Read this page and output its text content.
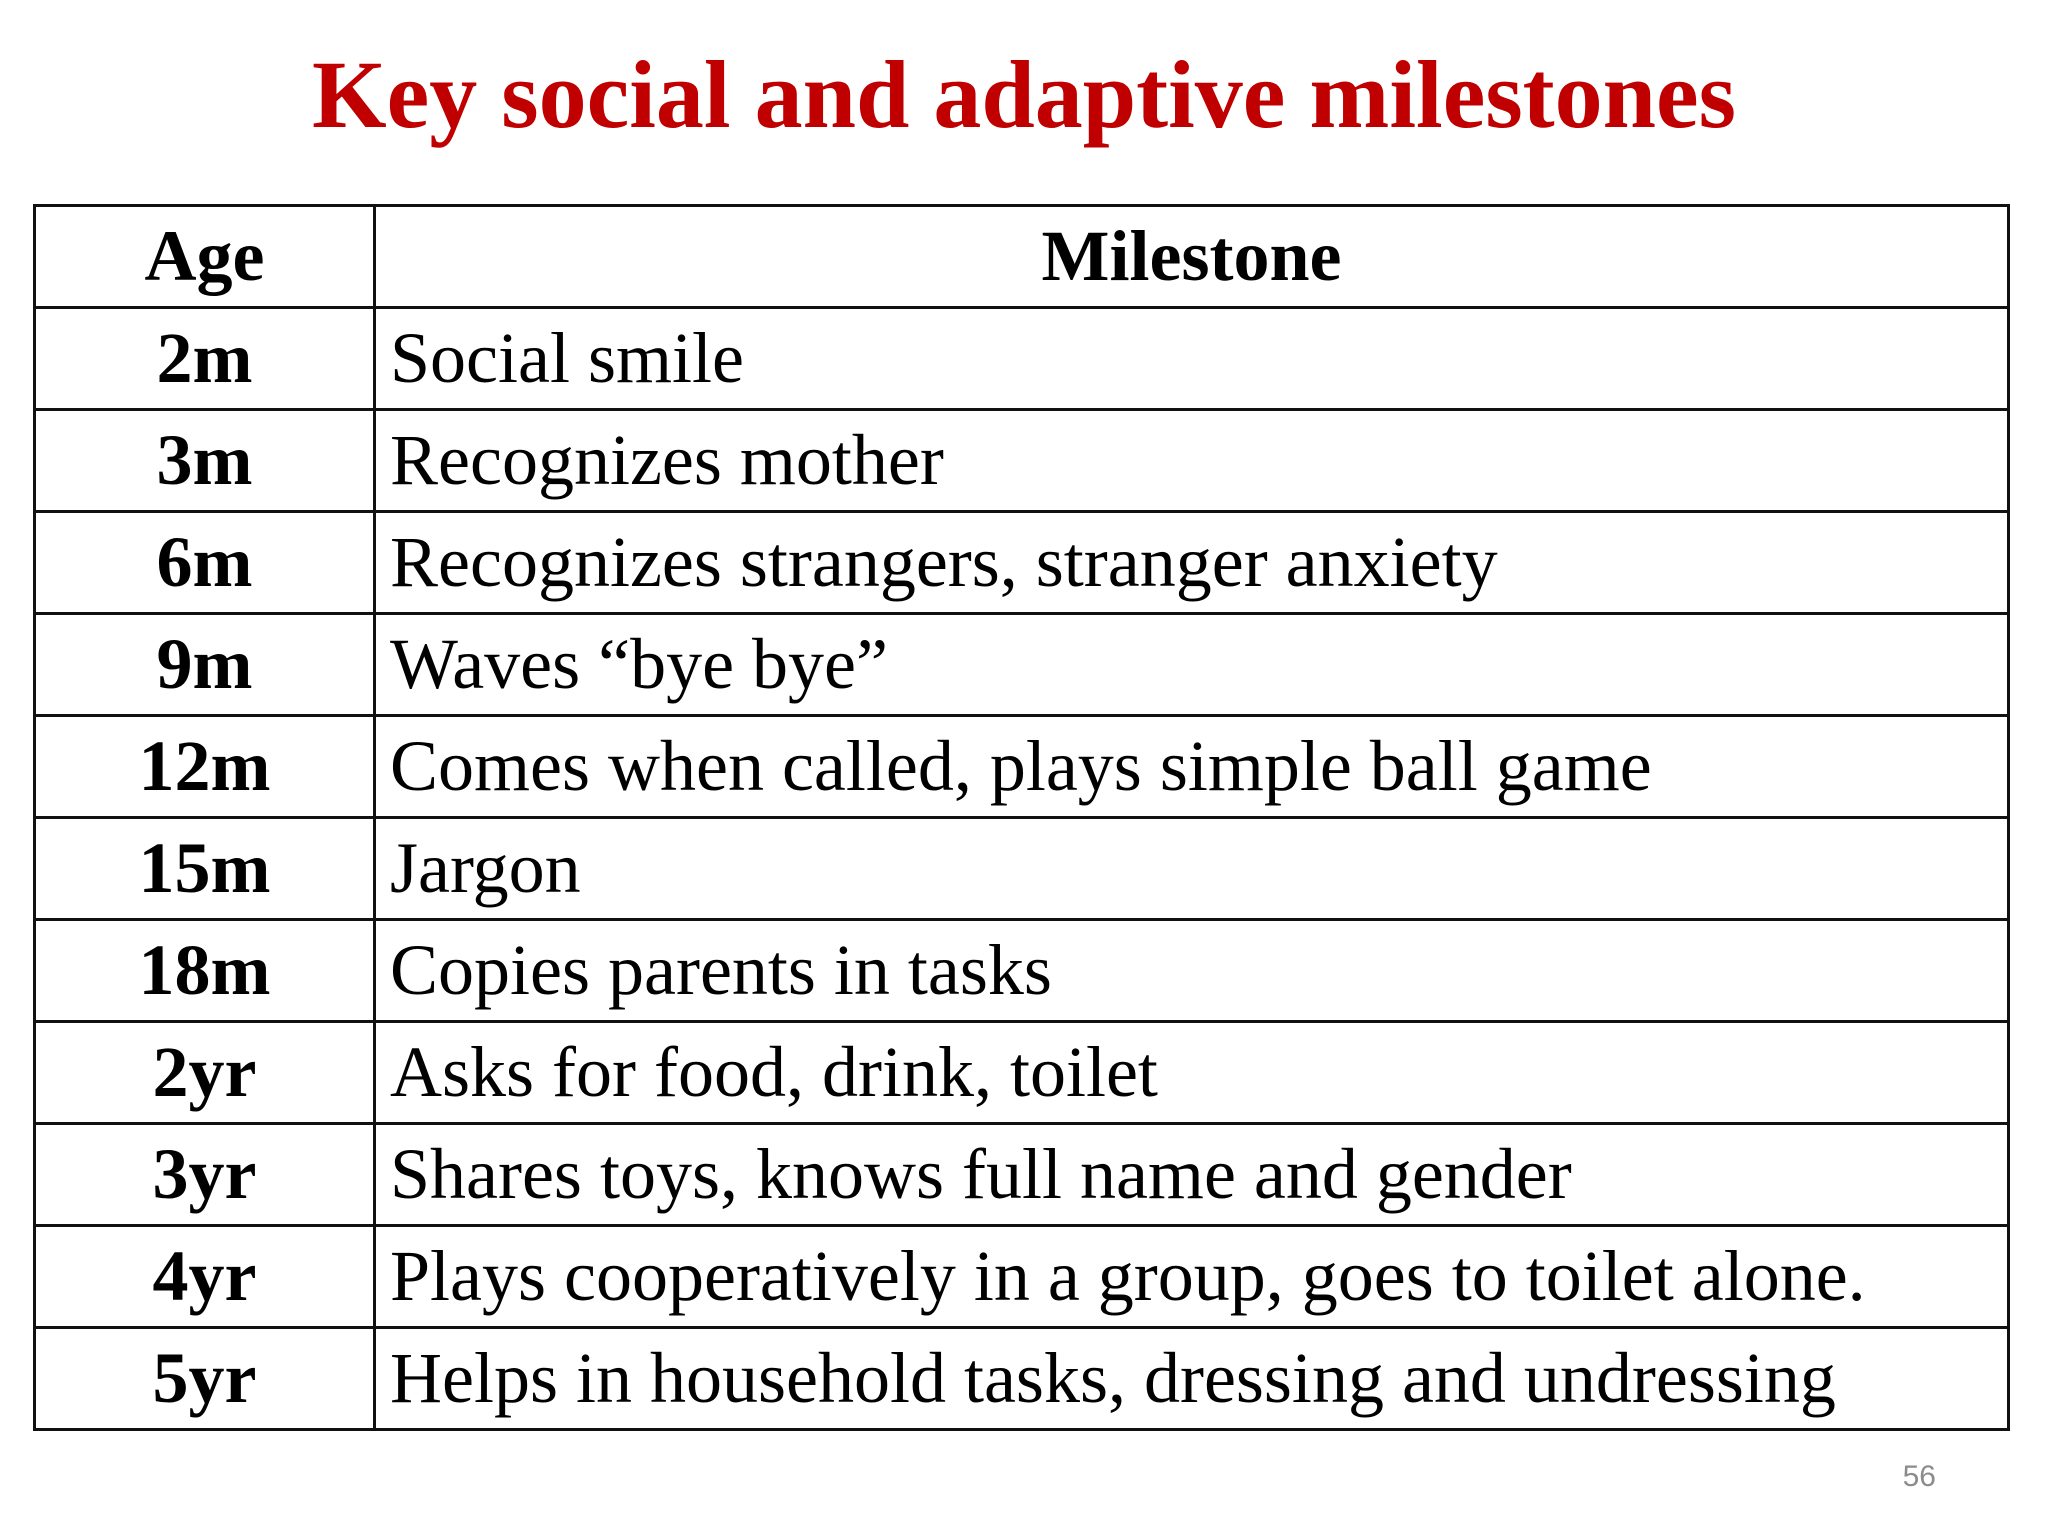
Key social and adaptive milestones
Age	Milestone
2m	Social smile
3m	Recognizes mother
6m	Recognizes strangers, stranger anxiety
9m	Waves “bye bye”
12m	Comes when called, plays simple ball game
15m	Jargon
18m	Copies parents in tasks
2yr	Asks for food, drink, toilet
3yr	Shares toys, knows full name and gender
4yr	Plays cooperatively in a group, goes to toilet alone.
5yr	Helps in household tasks, dressing and undressing
56
